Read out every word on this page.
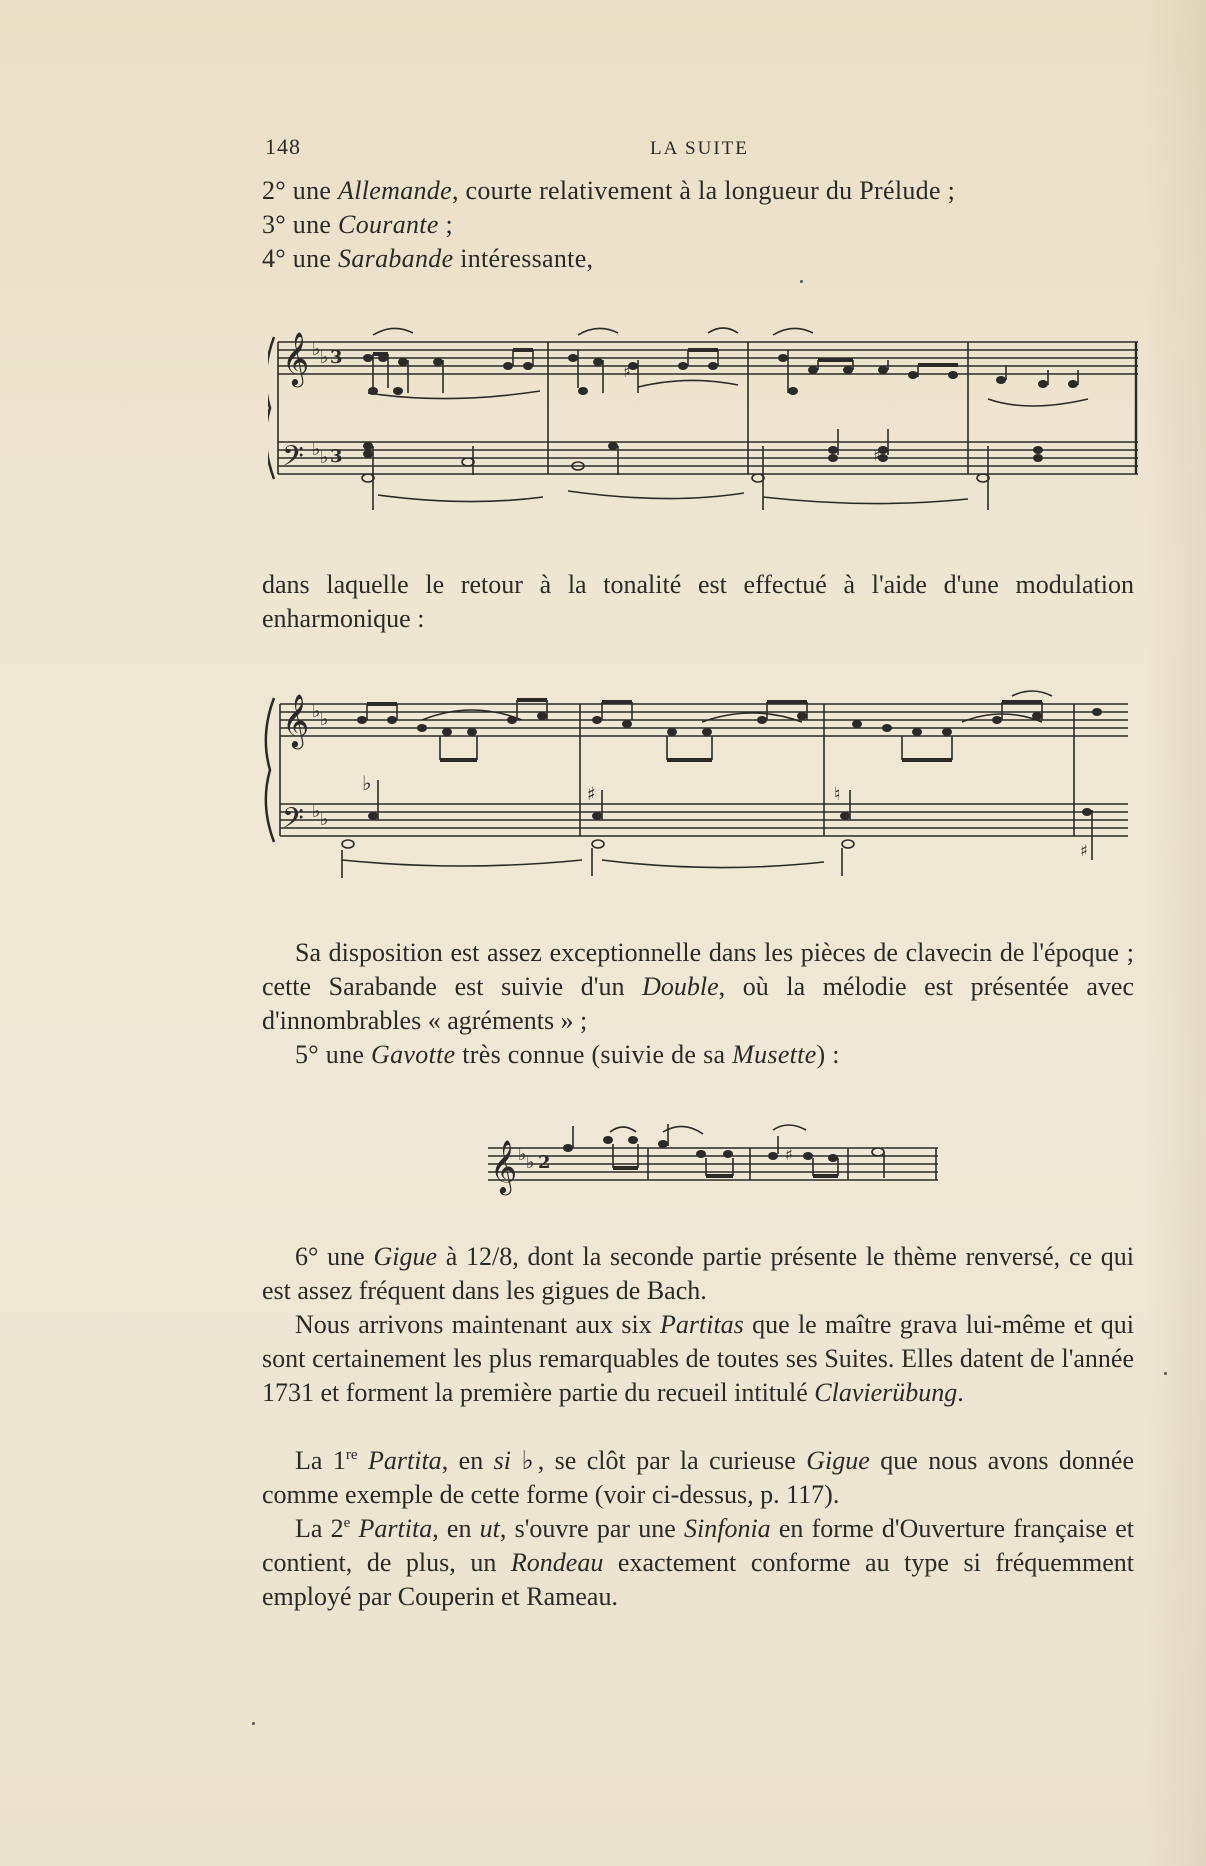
148	LA SUITE
2° une Allemande, courte relativement à la longueur du Prélude ;
3° une Courante ;
4° une Sarabande intéressante,
𝄞
𝄢
♭ ♭
♭ ♭
3
3
♯
♯
dans laquelle le retour à la tonalité est effectué à l'aide d'une modulation enharmonique :
𝄞
𝄢
♭ ♭
♭ ♭
♭	♯	♮
♯
Sa disposition est assez exceptionnelle dans les pièces de clavecin de l'époque ; cette Sarabande est suivie d'un Double, où la mélodie est présentée avec d'innombrables « agréments » ;
5° une Gavotte très connue (suivie de sa Musette) :
𝄞 ♭ ♭ 2	♯
6° une Gigue à 12/8, dont la seconde partie présente le thème renversé, ce qui est assez fréquent dans les gigues de Bach.
Nous arrivons maintenant aux six Partitas que le maître grava lui-même et qui sont certainement les plus remarquables de toutes ses Suites. Elles datent de l'année 1731 et forment la première partie du recueil intitulé Clavierübung.
La 1re Partita, en si ♭, se clôt par la curieuse Gigue que nous avons donnée comme exemple de cette forme (voir ci-dessus, p. 117).
La 2e Partita, en ut, s'ouvre par une Sinfonia en forme d'Ouverture française et contient, de plus, un Rondeau exactement conforme au type si fréquemment employé par Couperin et Rameau.
